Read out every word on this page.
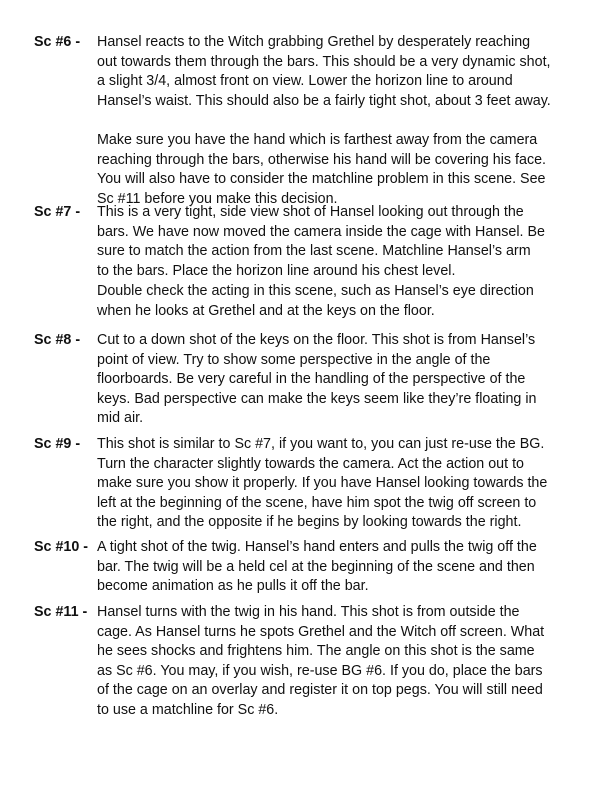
Sc #6 - Hansel reacts to the Witch grabbing Grethel by desperately reaching
out towards them through the bars. This should be a very dynamic shot,
a slight 3/4, almost front on view. Lower the horizon line to around
Hansel’s waist. This should also be a fairly tight shot, about 3 feet away.

Make sure you have the hand which is farthest away from the camera
reaching through the bars, otherwise his hand will be covering his face.
You will also have to consider the matchline problem in this scene. See
Sc #11 before you make this decision.

Sc #7 - This is a very tight, side view shot of Hansel looking out through the
bars. We have now moved the camera inside the cage with Hansel. Be
sure to match the action from the last scene. Matchline Hansel’s arm
to the bars. Place the horizon line around his chest level.

Double check the acting in this scene, such as Hansel’s eye direction
when he looks at Grethel and at the keys on the floor.

Sc #8 - Cut to a down shot of the keys on the floor. This shot is from Hansel’s
point of view. Try to show some perspective in the angle of the
floorboards. Be very careful in the handling of the perspective of the
keys. Bad perspective can make the keys seem like they’re floating in
mid air.

Sc #9 - This shot is similar to Sc #7, if you want to, you can just re-use the BG.
Turn the character slightly towards the camera. Act the action out to
make sure you show it properly. If you have Hansel looking towards the
left at the beginning of the scene, have him spot the twig off screen to
the right, and the opposite if he begins by looking towards the right.

Sc #10 - A tight shot of the twig. Hansel’s hand enters and pulls the twig off the
bar. The twig will be a held cel at the beginning of the scene and then
become animation as he pulls it off the bar.

Sc #11 - Hansel turns with the twig in his hand. This shot is from outside the
cage. As Hansel turns he spots Grethel and the Witch off screen. What
he sees shocks and frightens him. The angle on this shot is the same
as Sc #6. You may, if you wish, re-use BG #6. If you do, place the bars
of the cage on an overlay and register it on top pegs. You will still need
to use a matchline for Sc #6.
